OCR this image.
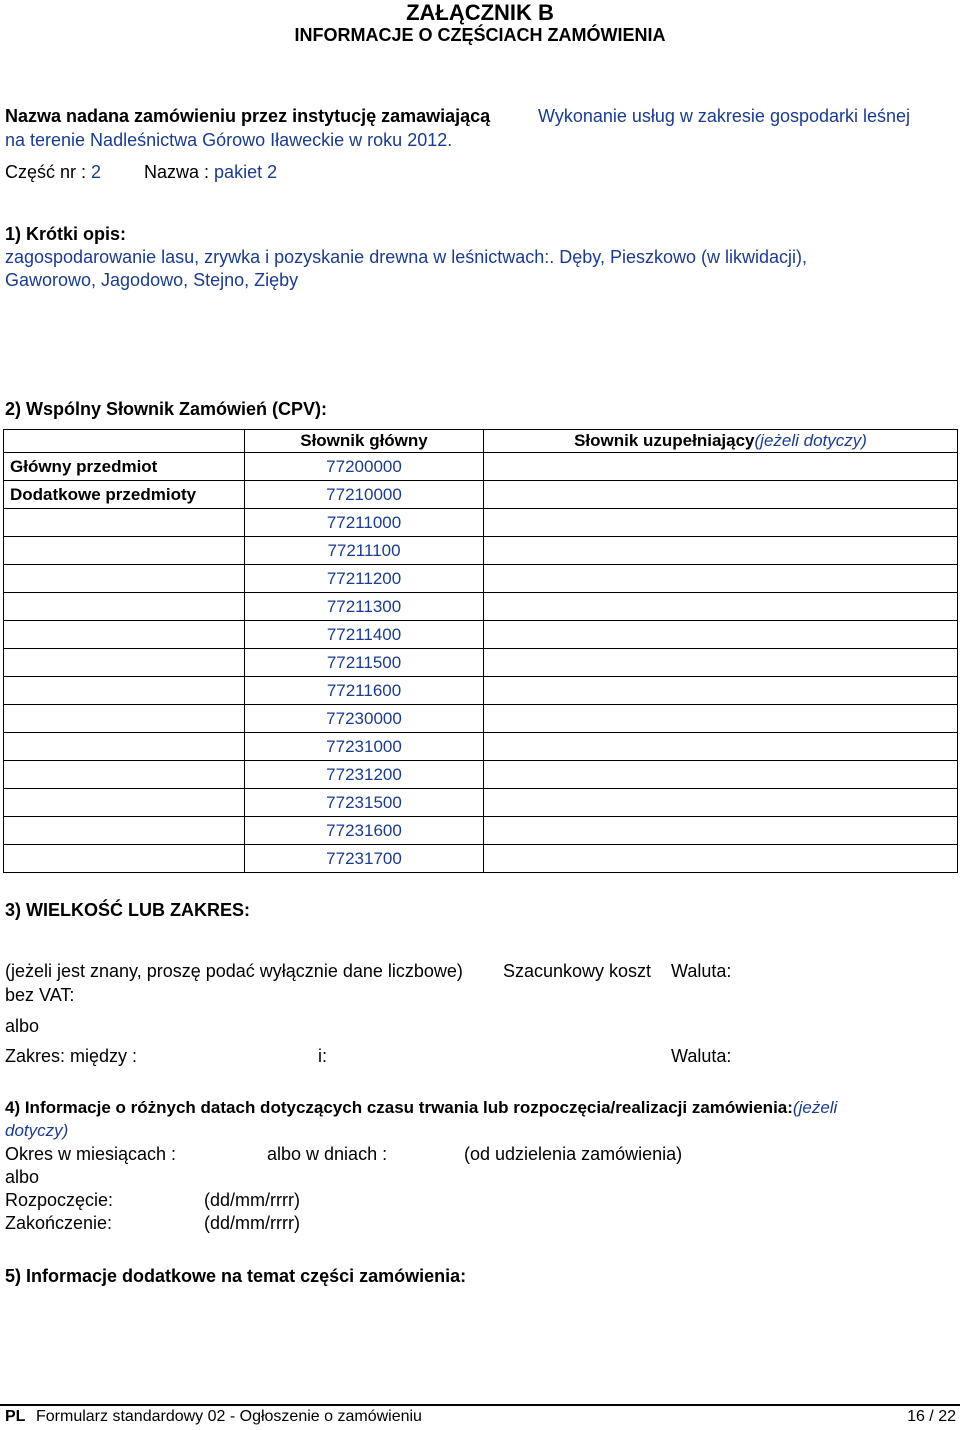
ZAŁĄCZNIK B
INFORMACJE O CZĘŚCIACH ZAMÓWIENIA
Nazwa nadana zamówieniu przez instytucję zamawiającą	Wykonanie usług w zakresie gospodarki leśnej
na terenie Nadleśnictwa Górowo Iławeckie w roku 2012.
Część nr : 2 Nazwa : pakiet 2
1) Krótki opis:
zagospodarowanie lasu, zrywka i pozyskanie drewna w leśnictwach:. Dęby, Pieszkowo (w likwidacji),
Gaworowo, Jagodowo, Stejno, Zięby
2) Wspólny Słownik Zamówień (CPV):
	Słownik główny	Słownik uzupełniający(jeżeli dotyczy)
Główny przedmiot	77200000	
Dodatkowe przedmioty	77210000	
	77211000	
	77211100	
	77211200	
	77211300	
	77211400	
	77211500	
	77211600	
	77230000	
	77231000	
	77231200	
	77231500	
	77231600	
	77231700	
3) WIELKOŚĆ LUB ZAKRES:
(jeżeli jest znany, proszę podać wyłącznie dane liczbowe) Szacunkowy koszt Waluta:
bez VAT:
albo
Zakres: między :	i:	Waluta:
4) Informacje o różnych datach dotyczących czasu trwania lub rozpoczęcia/realizacji zamówienia:(jeżeli
dotyczy)
Okres w miesiącach :	albo w dniach :	(od udzielenia zamówienia)
albo
Rozpoczęcie:	(dd/mm/rrrr)
Zakończenie:	(dd/mm/rrrr)
5) Informacje dodatkowe na temat części zamówienia:
PL Formularz standardowy 02 - Ogłoszenie o zamówieniu	16 / 22
